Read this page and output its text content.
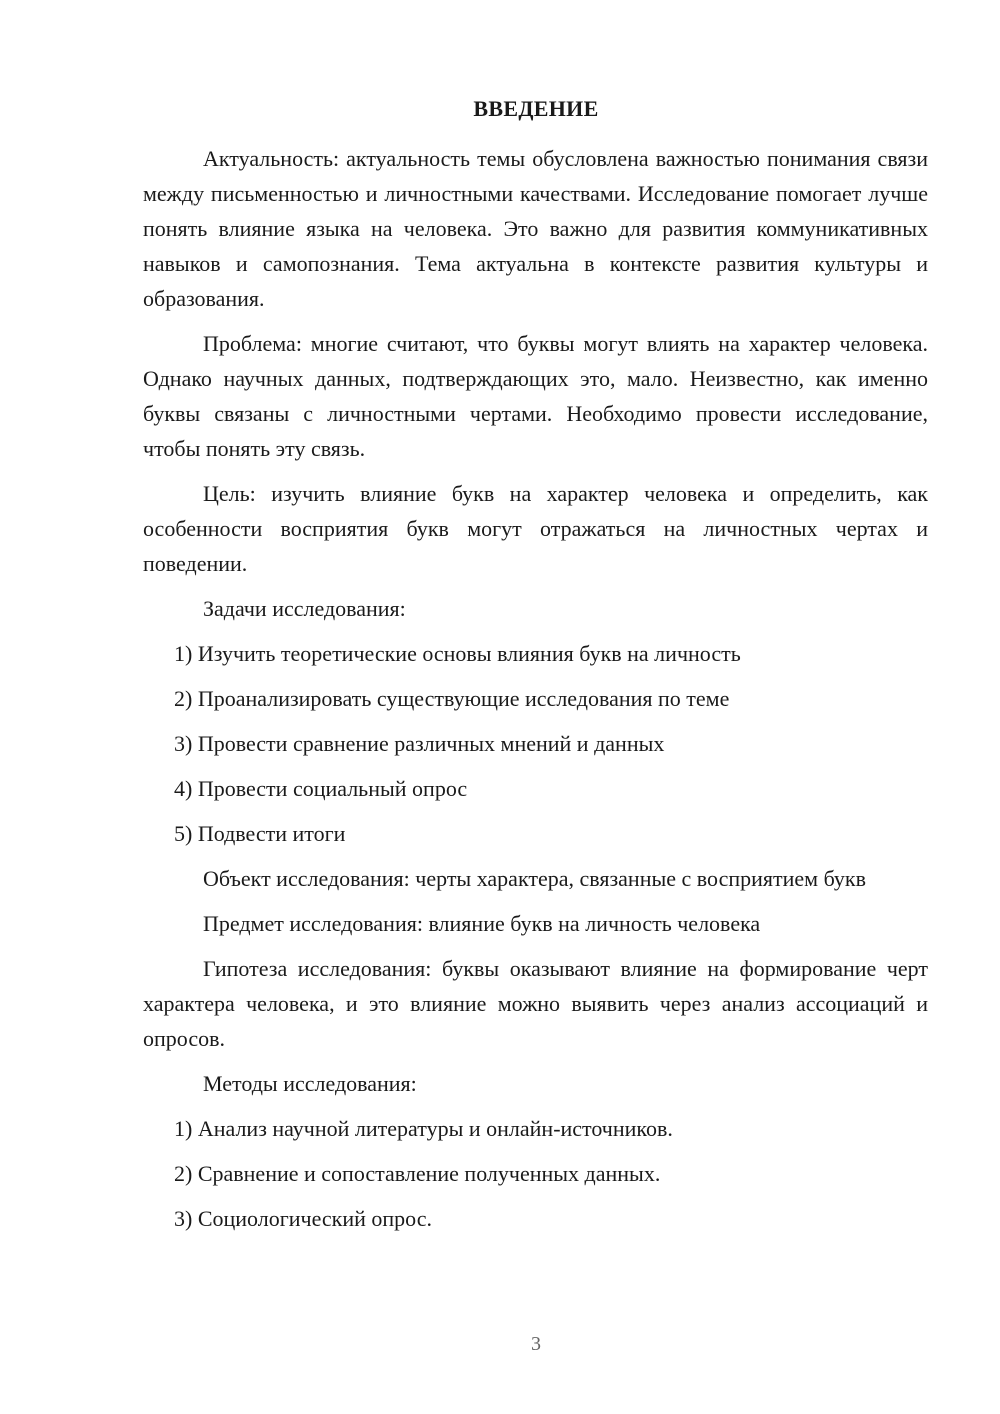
ВВЕДЕНИЕ

Актуальность: актуальность темы обусловлена важностью понимания связи между письменностью и личностными качествами. Исследование помогает лучше понять влияние языка на человека. Это важно для развития коммуникативных навыков и самопознания. Тема актуальна в контексте развития культуры и образования.

Проблема: многие считают, что буквы могут влиять на характер человека. Однако научных данных, подтверждающих это, мало. Неизвестно, как именно буквы связаны с личностными чертами. Необходимо провести исследование, чтобы понять эту связь.

Цель: изучить влияние букв на характер человека и определить, как особенности восприятия букв могут отражаться на личностных чертах и поведении.

Задачи исследования:
1) Изучить теоретические основы влияния букв на личность
2) Проанализировать существующие исследования по теме
3) Провести сравнение различных мнений и данных
4) Провести социальный опрос
5) Подвести итоги

Объект исследования: черты характера, связанные с восприятием букв

Предмет исследования: влияние букв на личность человека

Гипотеза исследования: буквы оказывают влияние на формирование черт характера человека, и это влияние можно выявить через анализ ассоциаций и опросов.

Методы исследования:
1) Анализ научной литературы и онлайн-источников.
2) Сравнение и сопоставление полученных данных.
3) Социологический опрос.
3
